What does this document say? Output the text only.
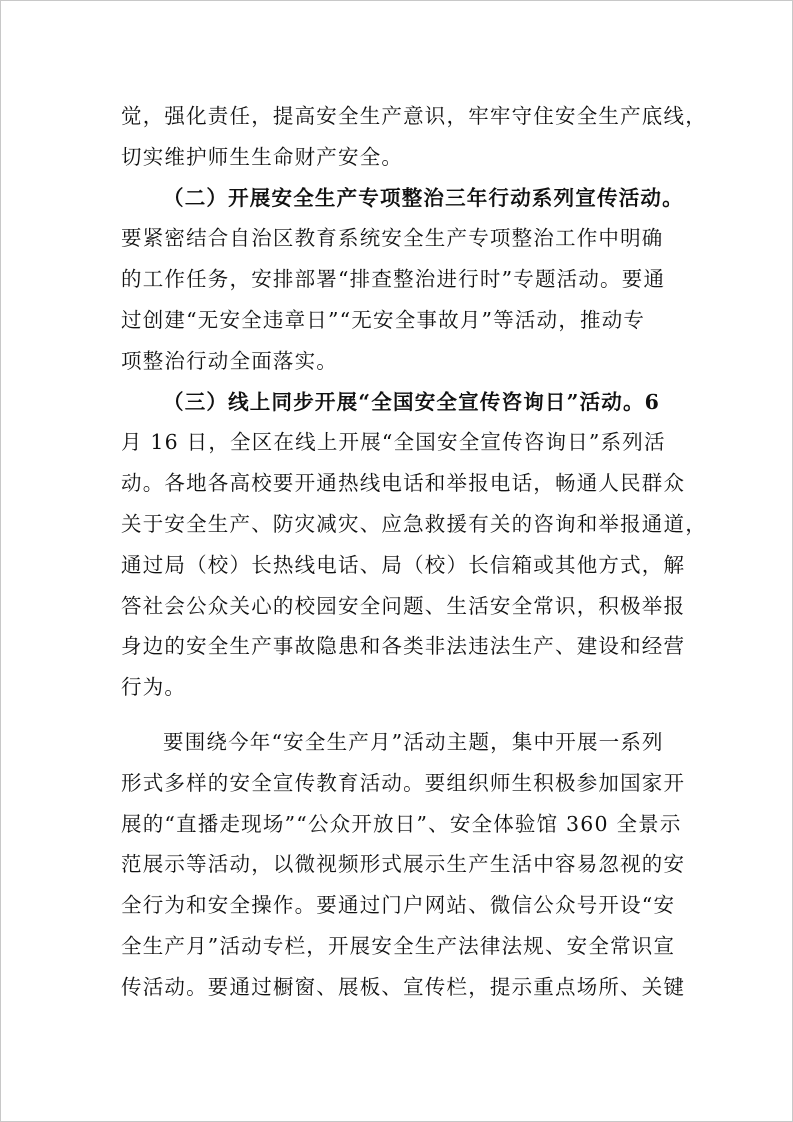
觉，强化责任，提高安全生产意识，牢牢守住安全生产底线，
切实维护师生生命财产安全。
（二）开展安全生产专项整治三年行动系列宣传活动。
要紧密结合自治区教育系统安全生产专项整治工作中明确
的工作任务，安排部署“排查整治进行时”专题活动。要通
过创建“无安全违章日”“无安全事故月”等活动，推动专
项整治行动全面落实。
（三）线上同步开展“全国安全宣传咨询日”活动。6
月 16 日，全区在线上开展“全国安全宣传咨询日”系列活
动。各地各高校要开通热线电话和举报电话，畅通人民群众
关于安全生产、防灾减灾、应急救援有关的咨询和举报通道，
通过局（校）长热线电话、局（校）长信箱或其他方式，解
答社会公众关心的校园安全问题、生活安全常识，积极举报
身边的安全生产事故隐患和各类非法违法生产、建设和经营
行为。
要围绕今年“安全生产月”活动主题，集中开展一系列
形式多样的安全宣传教育活动。要组织师生积极参加国家开
展的“直播走现场”“公众开放日”、安全体验馆 360 全景示
范展示等活动，以微视频形式展示生产生活中容易忽视的安
全行为和安全操作。要通过门户网站、微信公众号开设“安
全生产月”活动专栏，开展安全生产法律法规、安全常识宣
传活动。要通过橱窗、展板、宣传栏，提示重点场所、关键
